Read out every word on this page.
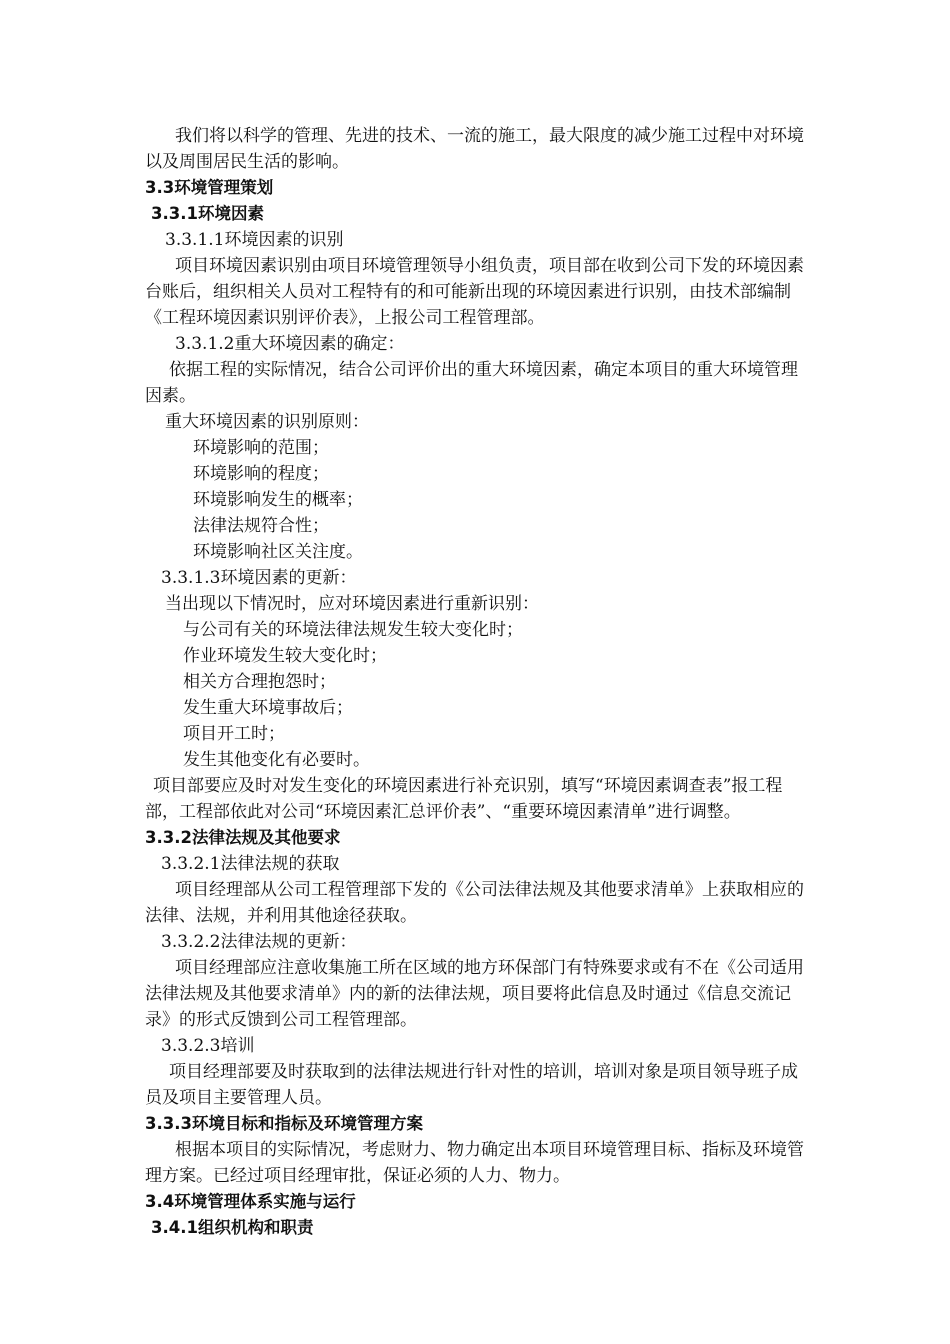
我们将以科学的管理、先进的技术、一流的施工，最大限度的减少施工过程中对环境以及周围居民生活的影响。

3.3环境管理策划

3.3.1环境因素

3.3.1.1环境因素的识别

项目环境因素识别由项目环境管理领导小组负责，项目部在收到公司下发的环境因素台账后，组织相关人员对工程特有的和可能新出现的环境因素进行识别，由技术部编制《工程环境因素识别评价表》，上报公司工程管理部。

3.3.1.2重大环境因素的确定：

依据工程的实际情况，结合公司评价出的重大环境因素，确定本项目的重大环境管理因素。

重大环境因素的识别原则：

环境影响的范围；

环境影响的程度；

环境影响发生的概率；

法律法规符合性；

环境影响社区关注度。

3.3.1.3环境因素的更新：

当出现以下情况时，应对环境因素进行重新识别：

与公司有关的环境法律法规发生较大变化时；

作业环境发生较大变化时；

相关方合理抱怨时；

发生重大环境事故后；

项目开工时；

发生其他变化有必要时。

项目部要应及时对发生变化的环境因素进行补充识别，填写“环境因素调查表”报工程部，工程部依此对公司“环境因素汇总评价表”、“重要环境因素清单”进行调整。

3.3.2法律法规及其他要求

3.3.2.1法律法规的获取

项目经理部从公司工程管理部下发的《公司法律法规及其他要求清单》上获取相应的法律、法规，并利用其他途径获取。

3.3.2.2法律法规的更新：

项目经理部应注意收集施工所在区域的地方环保部门有特殊要求或有不在《公司适用法律法规及其他要求清单》内的新的法律法规，项目要将此信息及时通过《信息交流记录》的形式反馈到公司工程管理部。

3.3.2.3培训

项目经理部要及时获取到的法律法规进行针对性的培训，培训对象是项目领导班子成员及项目主要管理人员。

3.3.3环境目标和指标及环境管理方案

根据本项目的实际情况，考虑财力、物力确定出本项目环境管理目标、指标及环境管理方案。已经过项目经理审批，保证必须的人力、物力。

3.4环境管理体系实施与运行

3.4.1组织机构和职责
